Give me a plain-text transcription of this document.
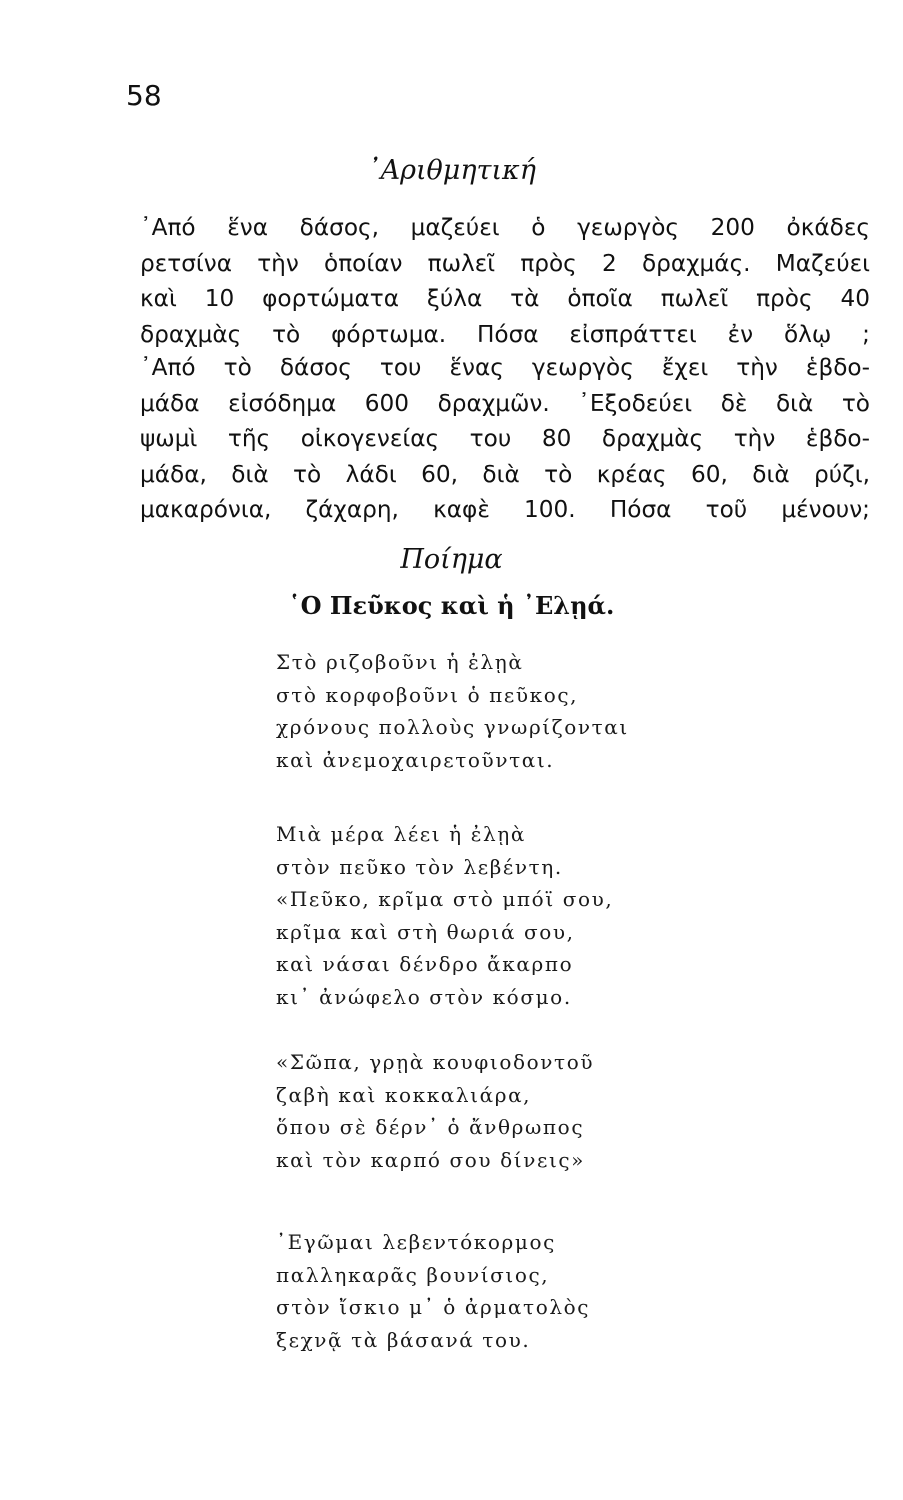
58
᾿Αριθμητική
᾿Από ἕνα δάσος, μαζεύει ὁ γεωργὸς 200 ὀκάδες
ρετσίνα τὴν ὁποίαν πωλεῖ πρὸς 2 δραχμάς. Μαζεύει
καὶ 10 φορτώματα ξύλα τὰ ὁποῖα πωλεῖ πρὸς 40
δραχμὰς τὸ φόρτωμα. Πόσα εἰσπράττει ἐν ὅλῳ ;
᾿Από τὸ δάσος του ἕνας γεωργὸς ἔχει τὴν ἑβδο-
μάδα εἰσόδημα 600 δραχμῶν. ᾿Εξοδεύει δὲ διὰ τὸ
ψωμὶ τῆς οἰκογενείας του 80 δραχμὰς τὴν ἑβδο-
μάδα, διὰ τὸ λάδι 60, διὰ τὸ κρέας 60, διὰ ρύζι,
μακαρόνια, ζάχαρη, καφὲ 100. Πόσα τοῦ μένουν;
Ποίημα
῾Ο Πεῦκος καὶ ἡ ᾿Ελῃά.
Στὸ ριζοβοῦνι ἡ ἐλῃὰ
στὸ κορφοβοῦνι ὁ πεῦκος,
χρόνους πολλοὺς γνωρίζονται
καὶ ἀνεμοχαιρετοῦνται.
Μιὰ μέρα λέει ἡ ἐλῃὰ
στὸν πεῦκο τὸν λεβέντη.
«Πεῦκο, κρῖμα στὸ μπόϊ σου,
κρῖμα καὶ στὴ θωριά σου,
καὶ νάσαι δένδρο ἄκαρπο
κι᾿ ἀνώφελο στὸν κόσμο.
«Σῶπα, γρῃὰ κουφιοδοντοῦ
ζαβὴ καὶ κοκκαλιάρα,
ὅπου σὲ δέρν᾿ ὁ ἄνθρωπος
καὶ τὸν καρπό σου δίνεις»
᾿Εγῶμαι λεβεντόκορμος
παλληκαρᾶς βουνίσιος,
στὸν ἴσκιο μ᾿ ὁ ἀρματολὸς
ξεχνᾷ τὰ βάσανά του.
